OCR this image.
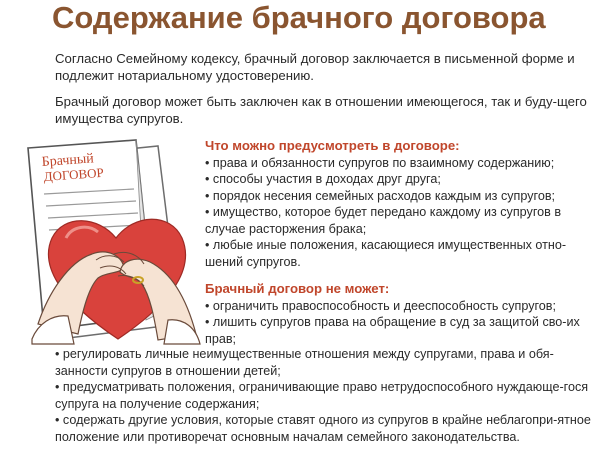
Содержание брачного договора

Согласно Семейному кодексу, брачный договор заключается в письменной форме и подлежит нотариальному удостоверению.

Брачный договор может быть заключен как в отношении имеющегося, так и буду-щего имущества супругов.

Брачный
ДОГОВОР

Что можно предусмотреть в договоре:

• права и обязанности супругов по взаимному содержанию;
• способы участия в доходах друг друга;
• порядок несения семейных расходов каждым из супругов;
• имущество, которое будет передано каждому из супругов в случае расторжения брака;
• любые иные положения, касающиеся имущественных отно-шений супругов.

Брачный договор не может:

• ограничить правоспособность и дееспособность супругов;
• лишить супругов права на обращение в суд за защитой сво-их прав;
• регулировать личные неимущественные отношения между супругами, права и обя-занности супругов в отношении детей;
• предусматривать положения, ограничивающие право нетрудоспособного нуждающе-гося супруга на получение содержания;
• содержать другие условия, которые ставят одного из супругов в крайне неблагопри-ятное положение или противоречат основным началам семейного законодательства.
